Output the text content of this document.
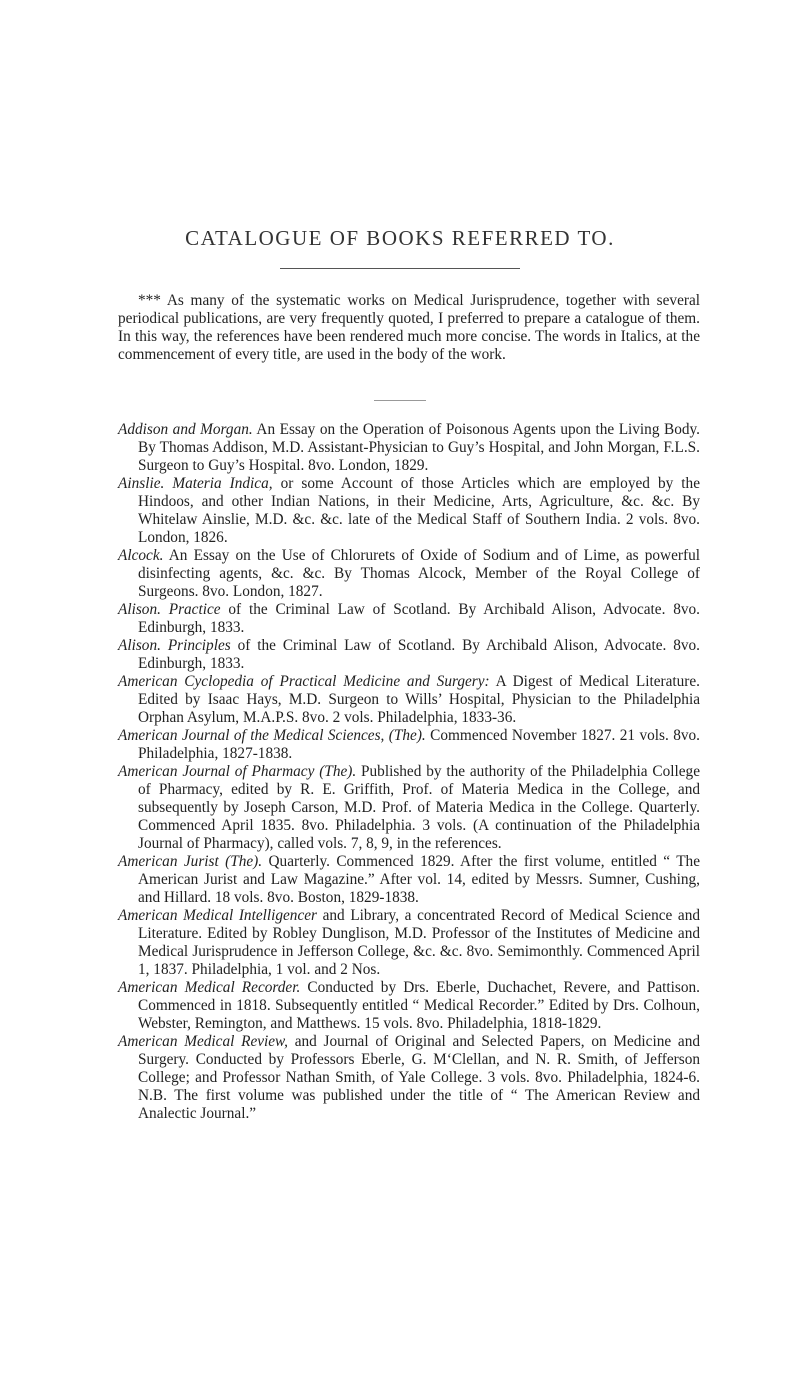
CATALOGUE OF BOOKS REFERRED TO.

*** As many of the systematic works on Medical Jurisprudence, together with several periodical publications, are very frequently quoted, I preferred to prepare a catalogue of them. In this way, the references have been rendered much more concise. The words in Italics, at the commencement of every title, are used in the body of the work.

Addison and Morgan. An Essay on the Operation of Poisonous Agents upon the Living Body. By Thomas Addison, M.D. Assistant-Physician to Guy’s Hospital, and John Morgan, F.L.S. Surgeon to Guy’s Hospital. 8vo. London, 1829.

Ainslie. Materia Indica, or some Account of those Articles which are employed by the Hindoos, and other Indian Nations, in their Medicine, Arts, Agriculture, &c. &c. By Whitelaw Ainslie, M.D. &c. &c. late of the Medical Staff of Southern India. 2 vols. 8vo. London, 1826.

Alcock. An Essay on the Use of Chlorurets of Oxide of Sodium and of Lime, as powerful disinfecting agents, &c. &c. By Thomas Alcock, Member of the Royal College of Surgeons. 8vo. London, 1827.

Alison. Practice of the Criminal Law of Scotland. By Archibald Alison, Advocate. 8vo. Edinburgh, 1833.

Alison. Principles of the Criminal Law of Scotland. By Archibald Alison, Advocate. 8vo. Edinburgh, 1833.

American Cyclopedia of Practical Medicine and Surgery: A Digest of Medical Literature. Edited by Isaac Hays, M.D. Surgeon to Wills’ Hospital, Physician to the Philadelphia Orphan Asylum, M.A.P.S. 8vo. 2 vols. Philadelphia, 1833-36.

American Journal of the Medical Sciences, (The). Commenced November 1827. 21 vols. 8vo. Philadelphia, 1827-1838.

American Journal of Pharmacy (The). Published by the authority of the Philadelphia College of Pharmacy, edited by R. E. Griffith, Prof. of Materia Medica in the College, and subsequently by Joseph Carson, M.D. Prof. of Materia Medica in the College. Quarterly. Commenced April 1835. 8vo. Philadelphia. 3 vols. (A continuation of the Philadelphia Journal of Pharmacy), called vols. 7, 8, 9, in the references.

American Jurist (The). Quarterly. Commenced 1829. After the first volume, entitled “ The American Jurist and Law Magazine.” After vol. 14, edited by Messrs. Sumner, Cushing, and Hillard. 18 vols. 8vo. Boston, 1829-1838.

American Medical Intelligencer and Library, a concentrated Record of Medical Science and Literature. Edited by Robley Dunglison, M.D. Professor of the Institutes of Medicine and Medical Jurisprudence in Jefferson College, &c. &c. 8vo. Semimonthly. Commenced April 1, 1837. Philadelphia, 1 vol. and 2 Nos.

American Medical Recorder. Conducted by Drs. Eberle, Duchachet, Revere, and Pattison. Commenced in 1818. Subsequently entitled “ Medical Recorder.” Edited by Drs. Colhoun, Webster, Remington, and Matthews. 15 vols. 8vo. Philadelphia, 1818-1829.

American Medical Review, and Journal of Original and Selected Papers, on Medicine and Surgery. Conducted by Professors Eberle, G. M‘Clellan, and N. R. Smith, of Jefferson College; and Professor Nathan Smith, of Yale College. 3 vols. 8vo. Philadelphia, 1824-6. N.B. The first volume was published under the title of “ The American Review and Analectic Journal.”
